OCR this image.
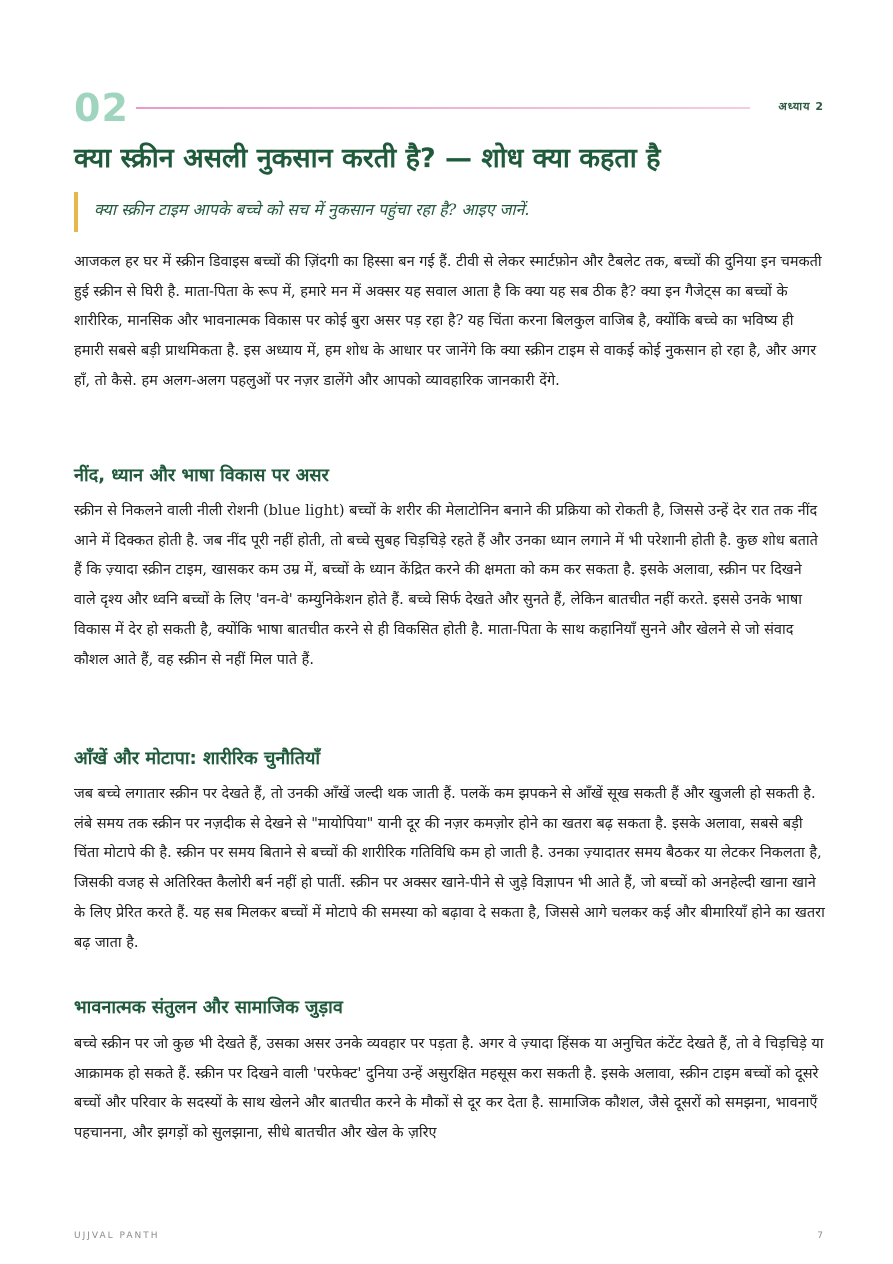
02	अध्याय 2
क्या स्क्रीन असली नुकसान करती है? — शोध क्या कहता है
क्या स्क्रीन टाइम आपके बच्चे को सच में नुकसान पहुंचा रहा है? आइए जानें.

आजकल हर घर में स्क्रीन डिवाइस बच्चों की ज़िंदगी का हिस्सा बन गई हैं. टीवी से लेकर स्मार्टफ़ोन और टैबलेट तक, बच्चों की दुनिया इन चमकती हुई स्क्रीन से घिरी है. माता-पिता के रूप में, हमारे मन में अक्सर यह सवाल आता है कि क्या यह सब ठीक है? क्या इन गैजेट्स का बच्चों के शारीरिक, मानसिक और भावनात्मक विकास पर कोई बुरा असर पड़ रहा है? यह चिंता करना बिलकुल वाजिब है, क्योंकि बच्चे का भविष्य ही हमारी सबसे बड़ी प्राथमिकता है. इस अध्याय में, हम शोध के आधार पर जानेंगे कि क्या स्क्रीन टाइम से वाकई कोई नुकसान हो रहा है, और अगर हाँ, तो कैसे. हम अलग-अलग पहलुओं पर नज़र डालेंगे और आपको व्यावहारिक जानकारी देंगे.

नींद, ध्यान और भाषा विकास पर असर

स्क्रीन से निकलने वाली नीली रोशनी (blue light) बच्चों के शरीर की मेलाटोनिन बनाने की प्रक्रिया को रोकती है, जिससे उन्हें देर रात तक नींद आने में दिक्कत होती है. जब नींद पूरी नहीं होती, तो बच्चे सुबह चिड़चिड़े रहते हैं और उनका ध्यान लगाने में भी परेशानी होती है. कुछ शोध बताते हैं कि ज़्यादा स्क्रीन टाइम, खासकर कम उम्र में, बच्चों के ध्यान केंद्रित करने की क्षमता को कम कर सकता है. इसके अलावा, स्क्रीन पर दिखने वाले दृश्य और ध्वनि बच्चों के लिए 'वन-वे' कम्युनिकेशन होते हैं. बच्चे सिर्फ देखते और सुनते हैं, लेकिन बातचीत नहीं करते. इससे उनके भाषा विकास में देर हो सकती है, क्योंकि भाषा बातचीत करने से ही विकसित होती है. माता-पिता के साथ कहानियाँ सुनने और खेलने से जो संवाद कौशल आते हैं, वह स्क्रीन से नहीं मिल पाते हैं.

आँखें और मोटापा: शारीरिक चुनौतियाँ

जब बच्चे लगातार स्क्रीन पर देखते हैं, तो उनकी आँखें जल्दी थक जाती हैं. पलकें कम झपकने से आँखें सूख सकती हैं और खुजली हो सकती है. लंबे समय तक स्क्रीन पर नज़दीक से देखने से "मायोपिया" यानी दूर की नज़र कमज़ोर होने का खतरा बढ़ सकता है. इसके अलावा, सबसे बड़ी चिंता मोटापे की है. स्क्रीन पर समय बिताने से बच्चों की शारीरिक गतिविधि कम हो जाती है. उनका ज़्यादातर समय बैठकर या लेटकर निकलता है, जिसकी वजह से अतिरिक्त कैलोरी बर्न नहीं हो पातीं. स्क्रीन पर अक्सर खाने-पीने से जुड़े विज्ञापन भी आते हैं, जो बच्चों को अनहेल्दी खाना खाने के लिए प्रेरित करते हैं. यह सब मिलकर बच्चों में मोटापे की समस्या को बढ़ावा दे सकता है, जिससे आगे चलकर कई और बीमारियाँ होने का खतरा बढ़ जाता है.

भावनात्मक संतुलन और सामाजिक जुड़ाव

बच्चे स्क्रीन पर जो कुछ भी देखते हैं, उसका असर उनके व्यवहार पर पड़ता है. अगर वे ज़्यादा हिंसक या अनुचित कंटेंट देखते हैं, तो वे चिड़चिड़े या आक्रामक हो सकते हैं. स्क्रीन पर दिखने वाली 'परफेक्ट' दुनिया उन्हें असुरक्षित महसूस करा सकती है. इसके अलावा, स्क्रीन टाइम बच्चों को दूसरे बच्चों और परिवार के सदस्यों के साथ खेलने और बातचीत करने के मौकों से दूर कर देता है. सामाजिक कौशल, जैसे दूसरों को समझना, भावनाएँ पहचानना, और झगड़ों को सुलझाना, सीधे बातचीत और खेल के ज़रिए

UJJVAL PANTH	7
